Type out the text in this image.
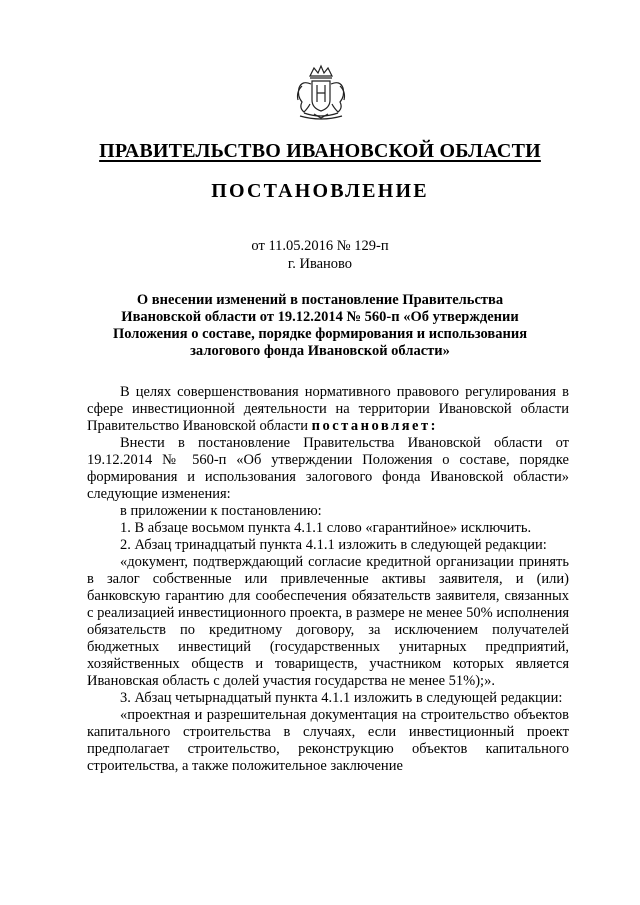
ПРАВИТЕЛЬСТВО ИВАНОВСКОЙ ОБЛАСТИ
ПОСТАНОВЛЕНИЕ
от 11.05.2016 № 129-п
г. Иваново
О внесении изменений в постановление Правительства
Ивановской области от 19.12.2014 № 560-п «Об утверждении
Положения о составе, порядке формирования и использования
залогового фонда Ивановской области»

В целях совершенствования нормативного правового регулирования в сфере инвестиционной деятельности на территории Ивановской области Правительство Ивановской области постановляет:

Внести в постановление Правительства Ивановской области от 19.12.2014 № 560-п «Об утверждении Положения о составе, порядке формирования и использования залогового фонда Ивановской области» следующие изменения:

в приложении к постановлению:

1. В абзаце восьмом пункта 4.1.1 слово «гарантийное» исключить.

2. Абзац тринадцатый пункта 4.1.1 изложить в следующей редакции:

«документ, подтверждающий согласие кредитной организации принять в залог собственные или привлеченные активы заявителя, и (или) банковскую гарантию для сообеспечения обязательств заявителя, связанных с реализацией инвестиционного проекта, в размере не менее 50% исполнения обязательств по кредитному договору, за исключением получателей бюджетных инвестиций (государственных унитарных предприятий, хозяйственных обществ и товариществ, участником которых является Ивановская область с долей участия государства не менее 51%);».

3. Абзац четырнадцатый пункта 4.1.1 изложить в следующей редакции:

«проектная и разрешительная документация на строительство объектов капитального строительства в случаях, если инвестиционный проект предполагает строительство, реконструкцию объектов капитального строительства, а также положительное заключение
